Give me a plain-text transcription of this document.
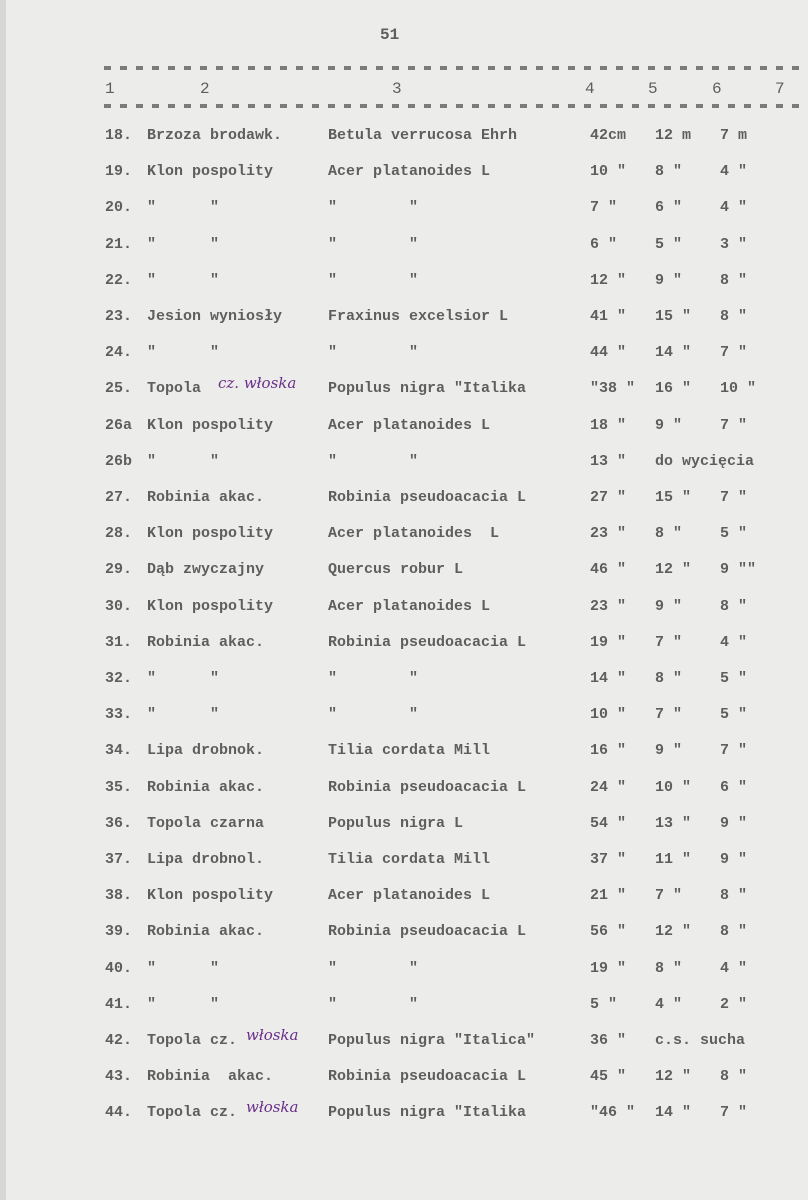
51
1	2	3	4	5	6	7
18. Brzoza brodawk.	Betula verrucosa Ehrh	42cm 12 m 7 m
19. Klon pospolity	Acer platanoides L	10 " 8 "	4 "
20. "      "	"        "	7 "	6 "	4 "
21. "      "	"        "	6 "	5 "	3 "
22. "      "	"        "	12 " 9 "	8 "
23. Jesion wyniosły	Fraxinus excelsior L	41 " 15 " 8 "
24. "      "	"        "	44 " 14 " 7 "
25. Topola	Populus nigra "Italika	"38 " 16 " 10 "
cz. włoska
26a Klon pospolity	Acer platanoides L	18 " 9 "	7 "
26b "      "	"        "	13 " do wycięcia
27. Robinia akac.	Robinia pseudoacacia L	27 " 15 " 7 "
28. Klon pospolity	Acer platanoides  L	23 " 8 "	5 "
29. Dąb zwyczajny	Quercus robur L	46 " 12 " 9 ""
30. Klon pospolity	Acer platanoides L	23 " 9 "	8 "
31. Robinia akac.	Robinia pseudoacacia L	19 " 7 "	4 "
32. "      "	"        "	14 " 8 "	5 "
33. "      "	"        "	10 " 7 "	5 "
34. Lipa drobnok.	Tilia cordata Mill	16 " 9 "	7 "
35. Robinia akac.	Robinia pseudoacacia L	24 " 10 " 6 "
36. Topola czarna	Populus nigra L	54 " 13 " 9 "
37. Lipa drobnol.	Tilia cordata Mill	37 " 11 " 9 "
38. Klon pospolity	Acer platanoides L	21 " 7 "	8 "
39. Robinia akac.	Robinia pseudoacacia L	56 " 12 " 8 "
40. "      "	"        "	19 " 8 "	4 "
41. "      "	"        "	5 "	4 "	2 "
42. Topola cz.	Populus nigra "Italica"	36 " c.s. sucha
włoska
43. Robinia  akac.	Robinia pseudoacacia L	45 " 12 " 8 "
44. Topola cz.	Populus nigra "Italika	"46 " 14 " 7 "
włoska
